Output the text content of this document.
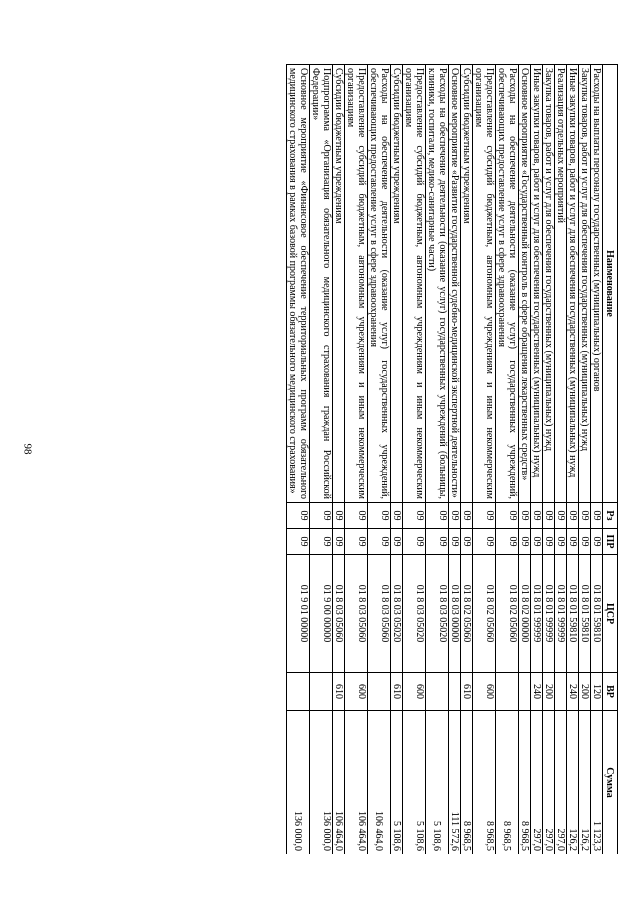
98
Наименование	Рз	ПР	ЦСР	ВР	Сумма
Расходы на выплаты персоналу государственных (муниципальных) органов	09	09	01 8 01 59810	120	1 123,3
Закупка товаров, работ и услуг для обеспечения государственных (муниципальных) нужд	09	09	01 8 01 59810	200	126,2
Иные закупки товаров, работ и услуг для обеспечения государственных (муниципальных) нужд	09	09	01 8 01 59810	240	126,2
Реализация отдельных мероприятий	09	09	01 8 01 99999		297,0
Закупка товаров, работ и услуг для обеспечения государственных (муниципальных) нужд	09	09	01 8 01 99999	200	297,0
Иные закупки товаров, работ и услуг для обеспечения государственных (муниципальных) нужд	09	09	01 8 01 99999	240	297,0
Основное мероприятие «Государственный контроль в сфере обращения лекарственных средств»	09	09	01 8 02 00000		8 968,5
Расходы на обеспечение деятельности (оказание услуг) государственных учреждений, обеспечивающих предоставление услуг в сфере здравоохранения	09	09	01 8 02 05060		8 968,5
Предоставление субсидий бюджетным, автономным учреждениям и иным некоммерческим организациям	09	09	01 8 02 05060	600	8 968,5
Субсидии бюджетным учреждениям	09	09	01 8 02 05060	610	8 968,5
Основное мероприятие «Развитие государственной судебно-медицинской экспертной деятельности»	09	09	01 8 03 00000		111 572,6
Расходы на обеспечение деятельности (оказание услуг) государственных учреждений (больницы, клиники, госпитали, медико-санитарные части)	09	09	01 8 03 05020		5 108,6
Предоставление субсидий бюджетным, автономным учреждениям и иным некоммерческим организациям	09	09	01 8 03 05020	600	5 108,6
Субсидии бюджетным учреждениям	09	09	01 8 03 05020	610	5 108,6
Расходы на обеспечение деятельности (оказание услуг) государственных учреждений, обеспечивающих предоставление услуг в сфере здравоохранения	09	09	01 8 03 05060		106 464,0
Предоставление субсидий бюджетным, автономным учреждениям и иным некоммерческим организациям	09	09	01 8 03 05060	600	106 464,0
Субсидии бюджетным учреждениям	09	09	01 8 03 05060	610	106 464,0
Подпрограмма «Организация обязательного медицинского страхования граждан Российской Федерации»	09	09	01 9 00 00000		136 000,0
Основное мероприятие «Финансовое обеспечение территориальных программ обязательного медицинского страхования в рамках базовой программы обязательного медицинского страхования»	09	09	01 9 01 00000		136 000,0
